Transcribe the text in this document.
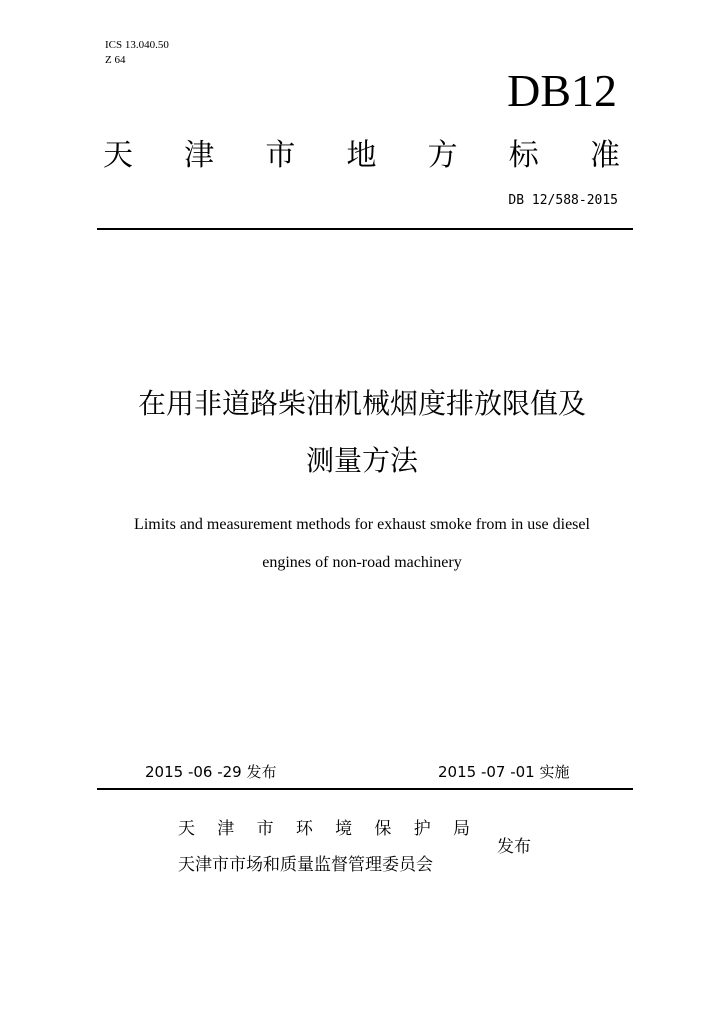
ICS 13.040.50
Z 64
DB12
天 津 市 地 方 标 准
DB 12/588-2015
在用非道路柴油机械烟度排放限值及
测量方法
Limits and measurement methods for exhaust smoke from in use diesel
engines of non-road machinery
2015 -06 -29 发布	2015 -07 -01 实施
天 津 市 环 境 保 护 局
天津市市场和质量监督管理委员会
发布
